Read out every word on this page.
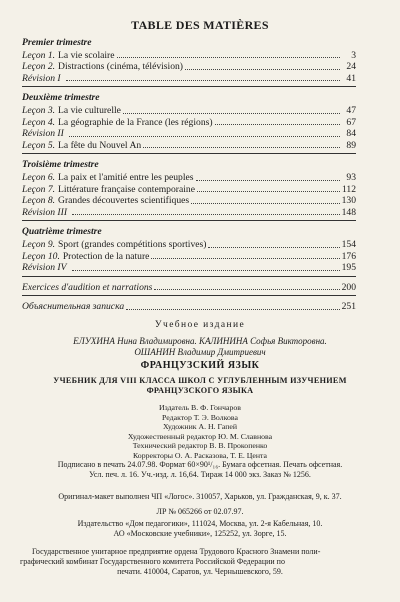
TABLE DES MATIÈRES
Premier trimestre
Leçon 1. La vie scolaire	3
Leçon 2. Distractions (cinéma, télévision)	24
Révision I	41
Deuxième trimestre
Leçon 3. La vie culturelle	47
Leçon 4. La géographie de la France (les régions)	67
Révision II	84
Leçon 5. La fête du Nouvel An	89
Troisième trimestre
Leçon 6. La paix et l'amitié entre les peuples	93
Leçon 7. Littérature française contemporaine	112
Leçon 8. Grandes découvertes scientifiques	130
Révision III	148
Quatrième trimestre
Leçon 9. Sport (grandes compétitions sportives)	154
Leçon 10. Protection de la nature	176
Révision IV	195
Exercices d'audition et narrations	200
Объяснительная записка	251
Учебное издание
ЕЛУХИНА Нина Владимировна. КАЛИНИНА Софья Викторовна.
ОШАНИН Владимир Дмитриевич
ФРАНЦУЗСКИЙ ЯЗЫК
УЧЕБНИК ДЛЯ VIII КЛАССА ШКОЛ С УГЛУБЛЕННЫМ ИЗУЧЕНИЕМ
ФРАНЦУЗСКОГО ЯЗЫКА
Издатель В. Ф. Гончаров
Редактор Т. Э. Волкова
Художник А. Н. Гапей
Художественный редактор Ю. М. Славнова
Технический редактор В. В. Прокопенко
Корректоры О. А. Расказова, Т. Е. Цента
Подписано в печать 24.07.98. Формат 60×90¹/₁₆. Бумага офсетная. Печать офсетная.
Усл. печ. л. 16. Уч.-изд. л. 16,64. Тираж 14 000 экз. Заказ № 1256.
Оригинал-макет выполнен ЧП «Логос». 310057, Харьков, ул. Гражданская, 9, к. 37.
ЛР № 065266 от 02.07.97.
Издательство «Дом педагогики», 111024, Москва, ул. 2-я Кабельная, 10.
АО «Московские учебники», 125252, ул. Зорге, 15.
Государственное унитарное предприятие ордена Трудового Красного Знамени поли-
графический комбинат Государственного комитета Российской Федерации по
печати. 410004, Саратов, ул. Чернышевского, 59.
